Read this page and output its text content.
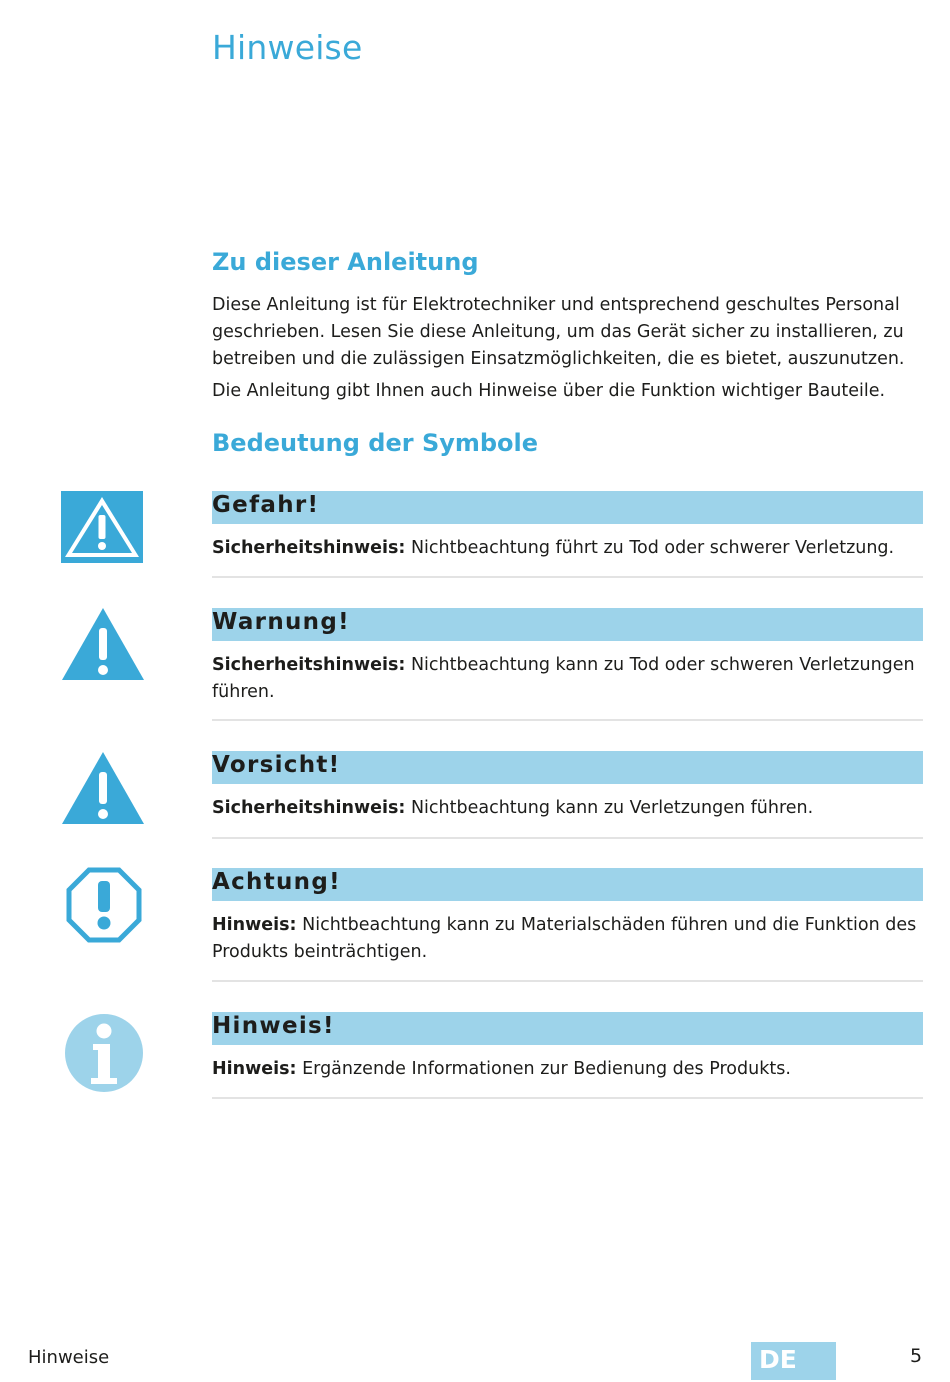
Hinweise
Zu dieser Anleitung
Diese Anleitung ist für Elektrotechniker und entsprechend geschultes Personal geschrieben. Lesen Sie diese Anleitung, um das Gerät sicher zu installieren, zu betreiben und die zulässigen Einsatzmöglichkeiten, die es bietet, auszunutzen.
Die Anleitung gibt Ihnen auch Hinweise über die Funktion wichtiger Bauteile.
Bedeutung der Symbole
Gefahr!
Sicherheitshinweis: Nichtbeachtung führt zu Tod oder schwerer Verletzung.
Warnung!
Sicherheitshinweis: Nichtbeachtung kann zu Tod oder schweren Verletzungen führen.
Vorsicht!
Sicherheitshinweis: Nichtbeachtung kann zu Verletzungen führen.
Achtung!
Hinweis: Nichtbeachtung kann zu Materialschäden führen und die Funktion des Produkts beinträchtigen.
Hinweis!
Hinweis: Ergänzende Informationen zur Bedienung des Produkts.
Hinweise	DE	5
